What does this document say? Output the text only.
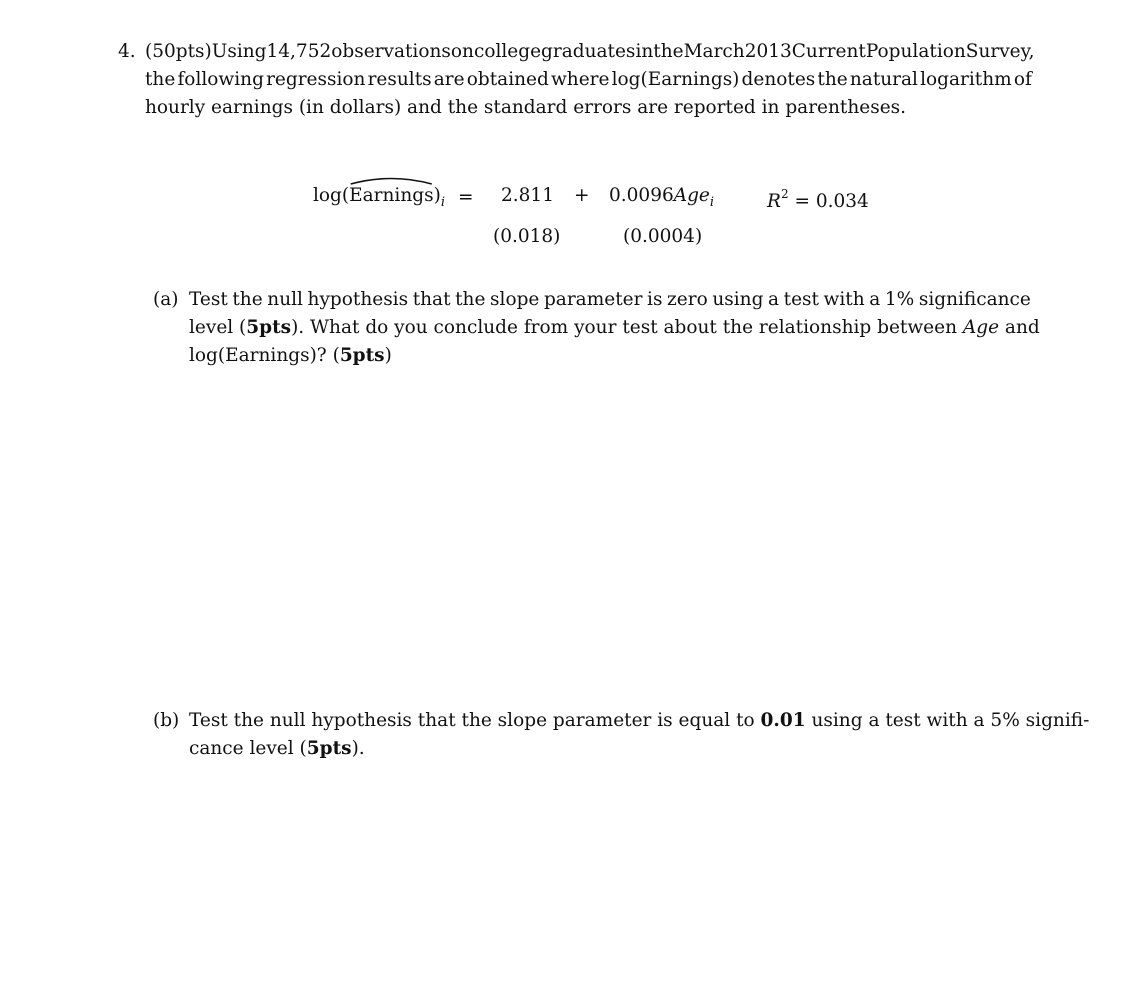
4. (50pts) Using 14,752 observations on college graduates in the March 2013 Current Population Survey,
the following regression results are obtained where log(Earnings) denotes the natural logarithm of
hourly earnings (in dollars) and the standard errors are reported in parentheses.
log(
$Earnings)_i = 2.811 + 0.0096Age_i$	$R^2 = 0.034$
(0.018)	(0.0004)
(a) Test the null hypothesis that the slope parameter is zero using a test with a 1% significance
level (5pts). What do you conclude from your test about the relationship between Age and
log(Earnings)? (5pts)
(b) Test the null hypothesis that the slope parameter is equal to 0.01 using a test with a 5% signifi-
cance level (5pts).
